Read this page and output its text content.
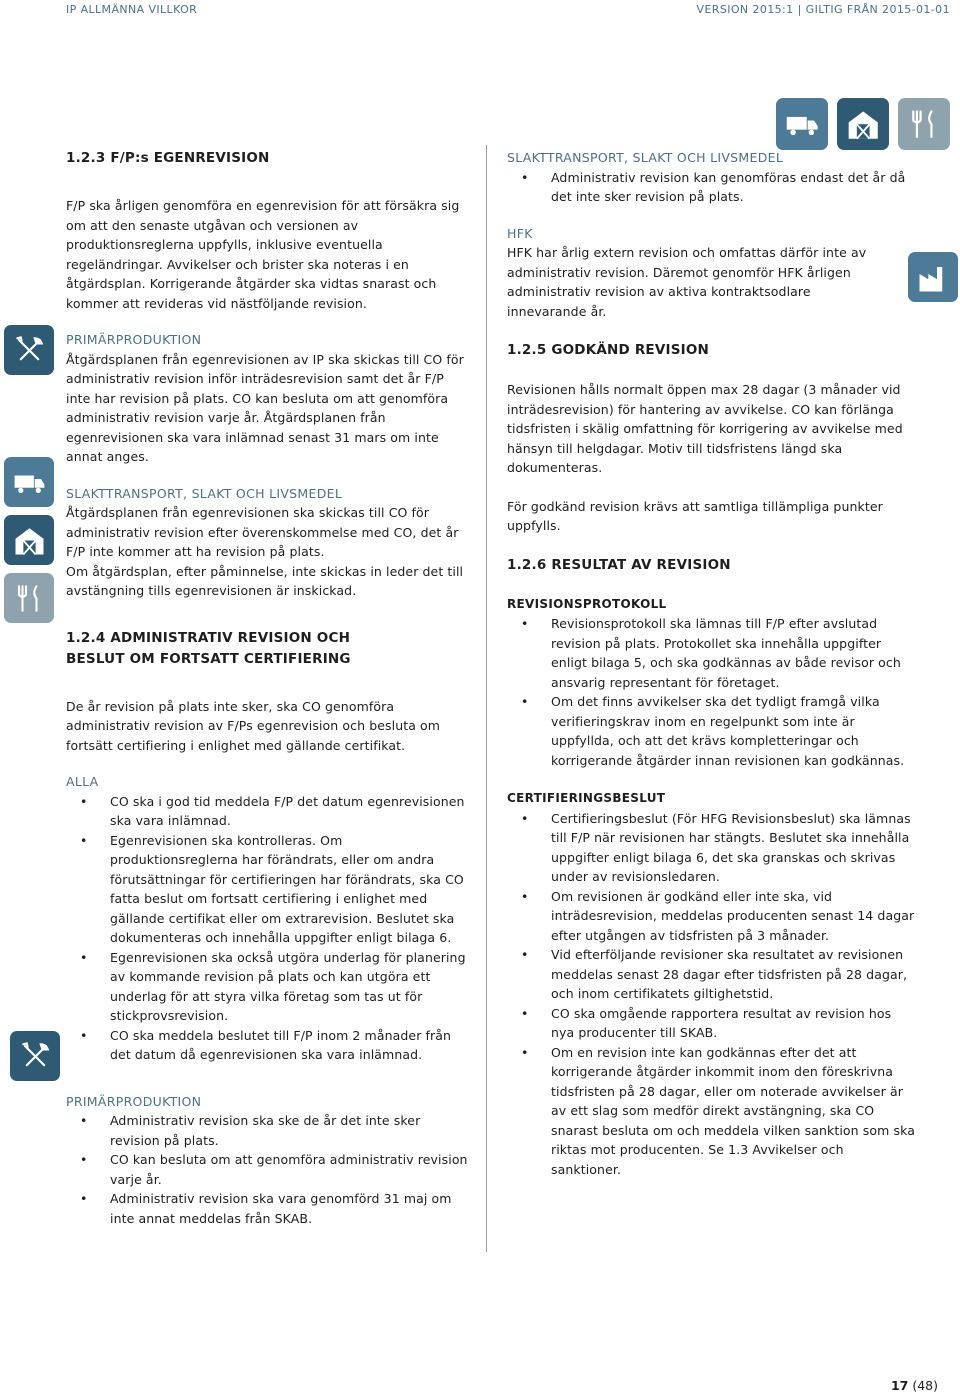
IP ALLMÄNNA VILLKOR	VERSION 2015:1 | GILTIG FRÅN 2015-01-01
1.2.3 F/P:s EGENREVISION

F/P ska årligen genomföra en egenrevision för att försäkra sig om att den senaste utgåvan och versionen av produktionsreglerna uppfylls, inklusive eventuella regeländringar. Avvikelser och brister ska noteras i en åtgärdsplan. Korrigerande åtgärder ska vidtas snarast och kommer att revideras vid nästföljande revision.

PRIMÄRPRODUKTION

Åtgärdsplanen från egenrevisionen av IP ska skickas till CO för administrativ revision inför inträdesrevision samt det år F/P inte har revision på plats. CO kan besluta om att genomföra administrativ revision varje år. Åtgärdsplanen från egenrevisionen ska vara inlämnad senast 31 mars om inte annat anges.

SLAKTTRANSPORT, SLAKT OCH LIVSMEDEL

Åtgärdsplanen från egenrevisionen ska skickas till CO för administrativ revision efter överenskommelse med CO, det år F/P inte kommer att ha revision på plats.

Om åtgärdsplan, efter påminnelse, inte skickas in leder det till avstängning tills egenrevisionen är inskickad.

1.2.4 ADMINISTRATIV REVISION OCH
BESLUT OM FORTSATT CERTIFIERING

De år revision på plats inte sker, ska CO genomföra administrativ revision av F/Ps egenrevision och besluta om fortsätt certifiering i enlighet med gällande certifikat.

ALLA
• CO ska i god tid meddela F/P det datum egenrevisionen ska vara inlämnad.
• Egenrevisionen ska kontrolleras. Om produktionsreglerna har förändrats, eller om andra förutsättningar för certifieringen har förändrats, ska CO fatta beslut om fortsatt certifiering i enlighet med gällande certifikat eller om extrarevision. Beslutet ska dokumenteras och innehålla uppgifter enligt bilaga 6.
• Egenrevisionen ska också utgöra underlag för planering av kommande revision på plats och kan utgöra ett underlag för att styra vilka företag som tas ut för stickprovsrevision.
• CO ska meddela beslutet till F/P inom 2 månader från det datum då egenrevisionen ska vara inlämnad.
PRIMÄRPRODUKTION
• Administrativ revision ska ske de år det inte sker revision på plats.
• CO kan besluta om att genomföra administrativ revision varje år.
• Administrativ revision ska vara genomförd 31 maj om inte annat meddelas från SKAB.
SLAKTTRANSPORT, SLAKT OCH LIVSMEDEL
• Administrativ revision kan genomföras endast det år då det inte sker revision på plats.
HFK

HFK har årlig extern revision och omfattas därför inte av administrativ revision. Däremot genomför HFK årligen administrativ revision av aktiva kontraktsodlare innevarande år.

1.2.5 GODKÄND REVISION

Revisionen hålls normalt öppen max 28 dagar (3 månader vid inträdesrevision) för hantering av avvikelse. CO kan förlänga tidsfristen i skälig omfattning för korrigering av avvikelse med hänsyn till helgdagar. Motiv till tidsfristens längd ska dokumenteras.

För godkänd revision krävs att samtliga tillämpliga punkter uppfylls.

1.2.6 RESULTAT AV REVISION
REVISIONSPROTOKOLL
• Revisionsprotokoll ska lämnas till F/P efter avslutad revision på plats. Protokollet ska innehålla uppgifter enligt bilaga 5, och ska godkännas av både revisor och ansvarig representant för företaget.
• Om det finns avvikelser ska det tydligt framgå vilka verifieringskrav inom en regelpunkt som inte är uppfyllda, och att det krävs kompletteringar och korrigerande åtgärder innan revisionen kan godkännas.
CERTIFIERINGSBESLUT
• Certifieringsbeslut (För HFG Revisionsbeslut) ska lämnas till F/P när revisionen har stängts. Beslutet ska innehålla uppgifter enligt bilaga 6, det ska granskas och skrivas under av revisionsledaren.
• Om revisionen är godkänd eller inte ska, vid inträdesrevision, meddelas producenten senast 14 dagar efter utgången av tidsfristen på 3 månader.
• Vid efterföljande revisioner ska resultatet av revisionen meddelas senast 28 dagar efter tidsfristen på 28 dagar, och inom certifikatets giltighetstid.
• CO ska omgående rapportera resultat av revision hos nya producenter till SKAB.
• Om en revision inte kan godkännas efter det att korrigerande åtgärder inkommit inom den föreskrivna tidsfristen på 28 dagar, eller om noterade avvikelser är av ett slag som medför direkt avstängning, ska CO snarast besluta om och meddela vilken sanktion som ska riktas mot producenten. Se 1.3 Avvikelser och sanktioner.
17 (48)
